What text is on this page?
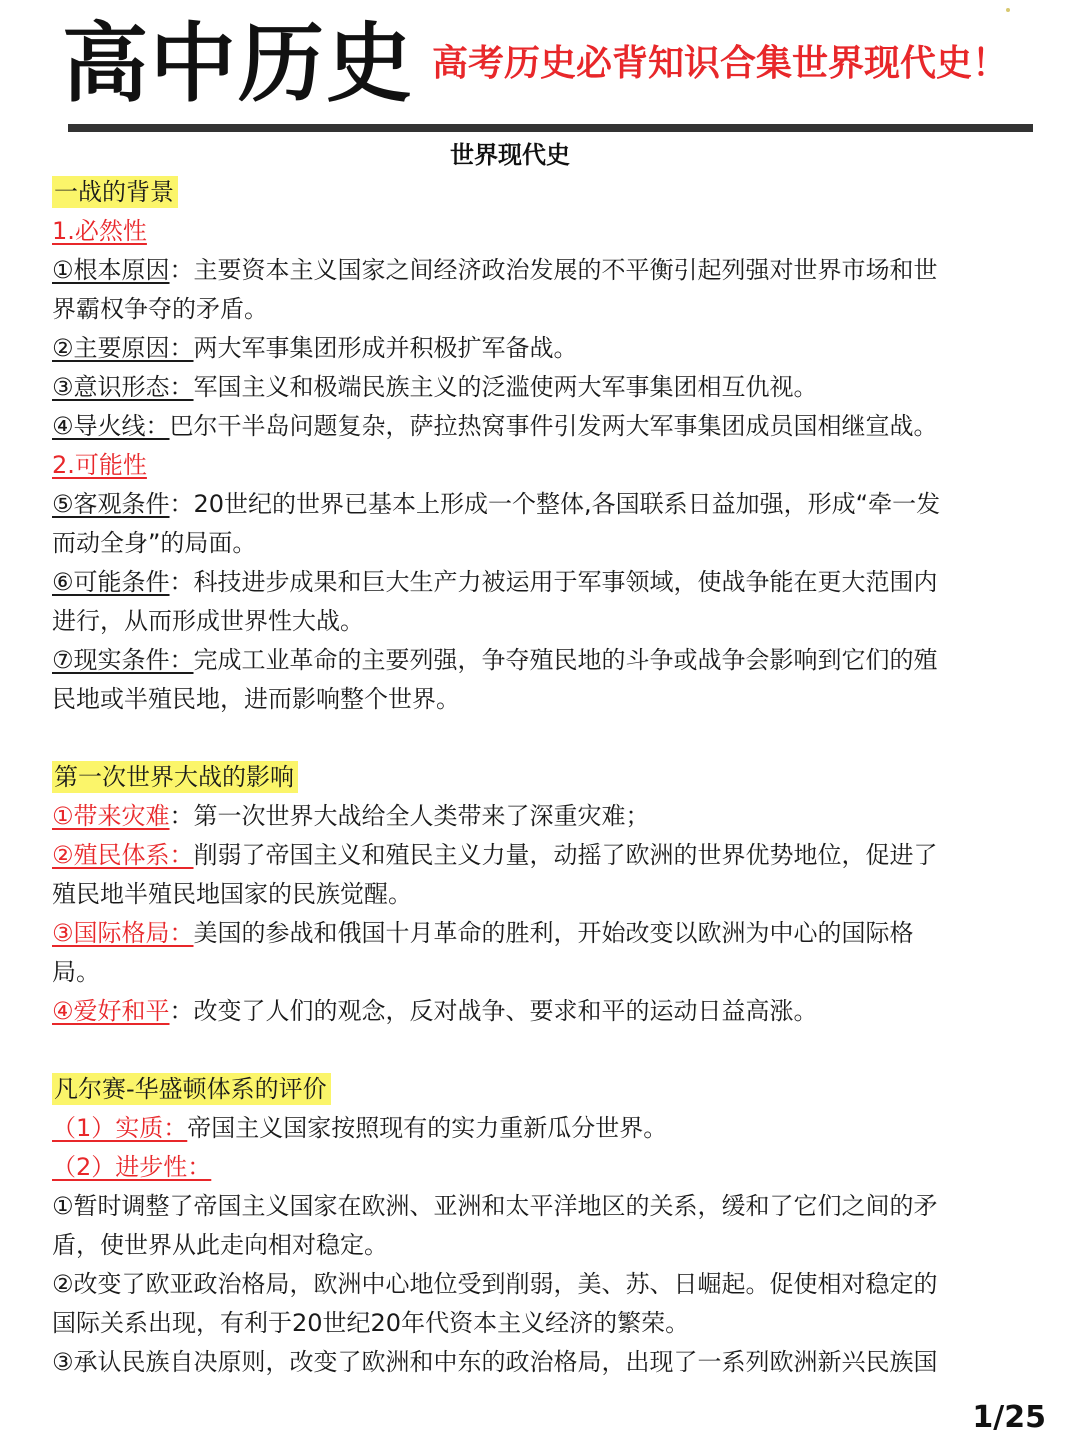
高中历史 高考历史必背知识合集世界现代史！
世界现代史
一战的背景
1.必然性
①根本原因：主要资本主义国家之间经济政治发展的不平衡引起列强对世界市场和世
界霸权争夺的矛盾。
②主要原因：两大军事集团形成并积极扩军备战。
③意识形态：军国主义和极端民族主义的泛滥使两大军事集团相互仇视。
④导火线：巴尔干半岛问题复杂，萨拉热窝事件引发两大军事集团成员国相继宣战。
2.可能性
⑤客观条件：20世纪的世界已基本上形成一个整体,各国联系日益加强，形成“牵一发
而动全身”的局面。
⑥可能条件：科技进步成果和巨大生产力被运用于军事领域，使战争能在更大范围内
进行，从而形成世界性大战。
⑦现实条件：完成工业革命的主要列强，争夺殖民地的斗争或战争会影响到它们的殖
民地或半殖民地，进而影响整个世界。
第一次世界大战的影响
①带来灾难：第一次世界大战给全人类带来了深重灾难；
②殖民体系：削弱了帝国主义和殖民主义力量，动摇了欧洲的世界优势地位，促进了
殖民地半殖民地国家的民族觉醒。
③国际格局：美国的参战和俄国十月革命的胜利，开始改变以欧洲为中心的国际格
局。
④爱好和平：改变了人们的观念，反对战争、要求和平的运动日益高涨。
凡尔赛-华盛顿体系的评价
（1）实质：帝国主义国家按照现有的实力重新瓜分世界。
（2）进步性：
①暂时调整了帝国主义国家在欧洲、亚洲和太平洋地区的关系，缓和了它们之间的矛
盾，使世界从此走向相对稳定。
②改变了欧亚政治格局，欧洲中心地位受到削弱，美、苏、日崛起。促使相对稳定的
国际关系出现，有利于20世纪20年代资本主义经济的繁荣。
③承认民族自决原则，改变了欧洲和中东的政治格局，出现了一系列欧洲新兴民族国
1/25
